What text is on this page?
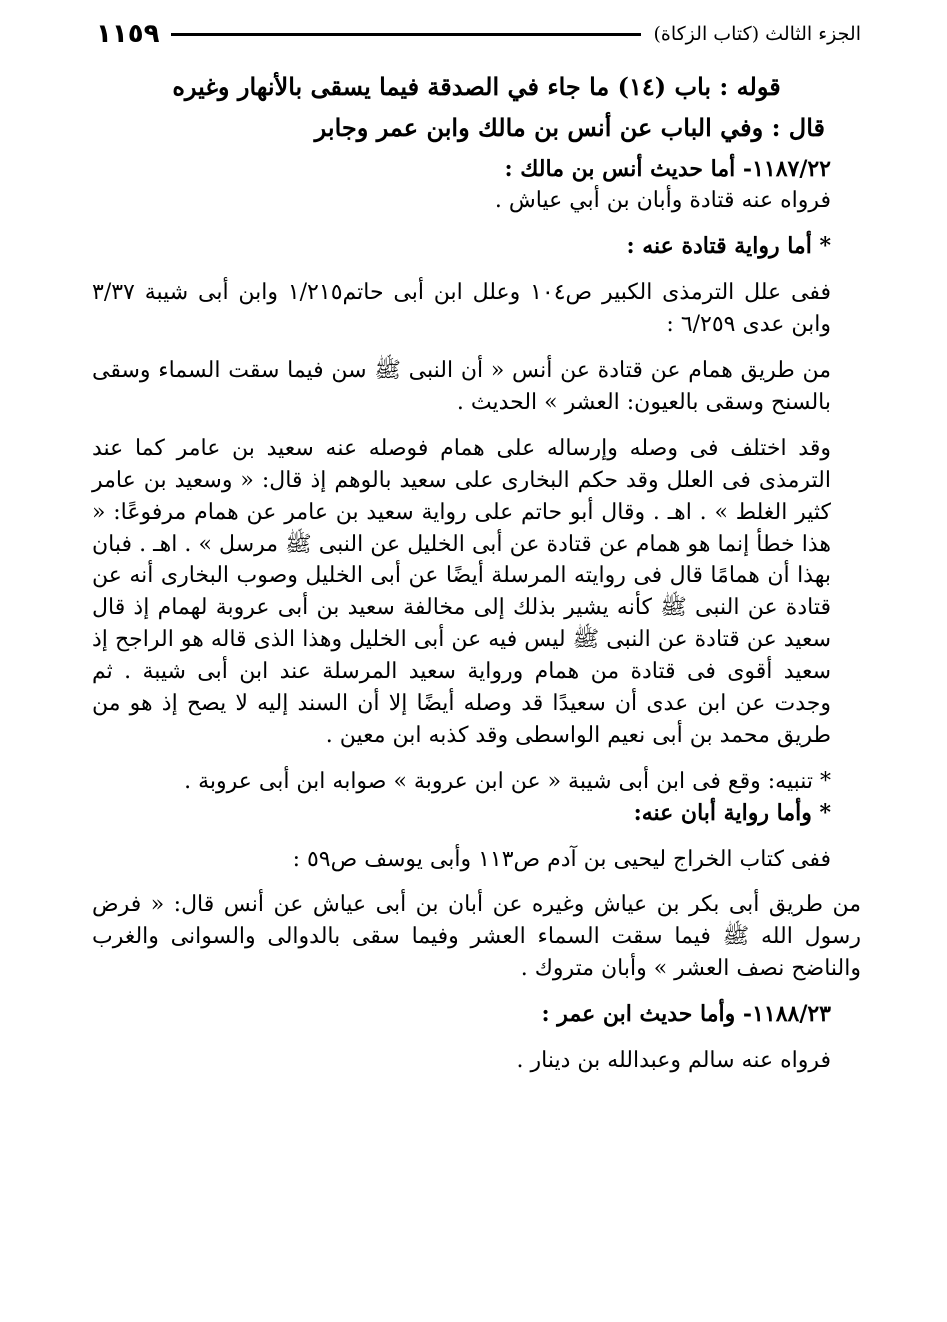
الجزء الثالث (كتاب الزكاة)
١١٥٩
قوله : باب (١٤) ما جاء في الصدقة فيما يسقى بالأنهار وغيره
قال : وفي الباب عن أنس بن مالك وابن عمر وجابر
١١٨٧/٢٢- أما حديث أنس بن مالك :
فرواه عنه قتادة وأبان بن أبي عياش .
* أما رواية قتادة عنه :
ففى علل الترمذى الكبير ص١٠٤ وعلل ابن أبى حاتم١/٢١٥ وابن أبى شيبة ٣/٣٧ وابن عدى ٦/٢٥٩ :
من طريق همام عن قتادة عن أنس « أن النبى ﷺ سن فيما سقت السماء وسقى بالسنح وسقى بالعيون: العشر » الحديث .
وقد اختلف فى وصله وإرساله على همام فوصله عنه سعيد بن عامر كما عند الترمذى فى العلل وقد حكم البخارى على سعيد بالوهم إذ قال: « وسعيد بن عامر كثير الغلط » . اهـ . وقال أبو حاتم على رواية سعيد بن عامر عن همام مرفوعًا: « هذا خطأ إنما هو همام عن قتادة عن أبى الخليل عن النبى ﷺ مرسل » . اهـ . فبان بهذا أن همامًا قال فى روايته المرسلة أيضًا عن أبى الخليل وصوب البخارى أنه عن قتادة عن النبى ﷺ كأنه يشير بذلك إلى مخالفة سعيد بن أبى عروبة لهمام إذ قال سعيد عن قتادة عن النبى ﷺ ليس فيه عن أبى الخليل وهذا الذى قاله هو الراجح إذ سعيد أقوى فى قتادة من همام ورواية سعيد المرسلة عند ابن أبى شيبة . ثم وجدت عن ابن عدى أن سعيدًا قد وصله أيضًا إلا أن السند إليه لا يصح إذ هو من طريق محمد بن أبى نعيم الواسطى وقد كذبه ابن معين .
* تنبيه: وقع فى ابن أبى شيبة « عن ابن عروبة » صوابه ابن أبى عروبة .
* وأما رواية أبان عنه:
ففى كتاب الخراج ليحيى بن آدم ص١١٣ وأبى يوسف ص٥٩ :
من طريق أبى بكر بن عياش وغيره عن أبان بن أبى عياش عن أنس قال: « فرض رسول الله ﷺ فيما سقت السماء العشر وفيما سقى بالدوالى والسوانى والغرب والناضح نصف العشر » وأبان متروك .
١١٨٨/٢٣- وأما حديث ابن عمر :
فرواه عنه سالم وعبدالله بن دينار .
